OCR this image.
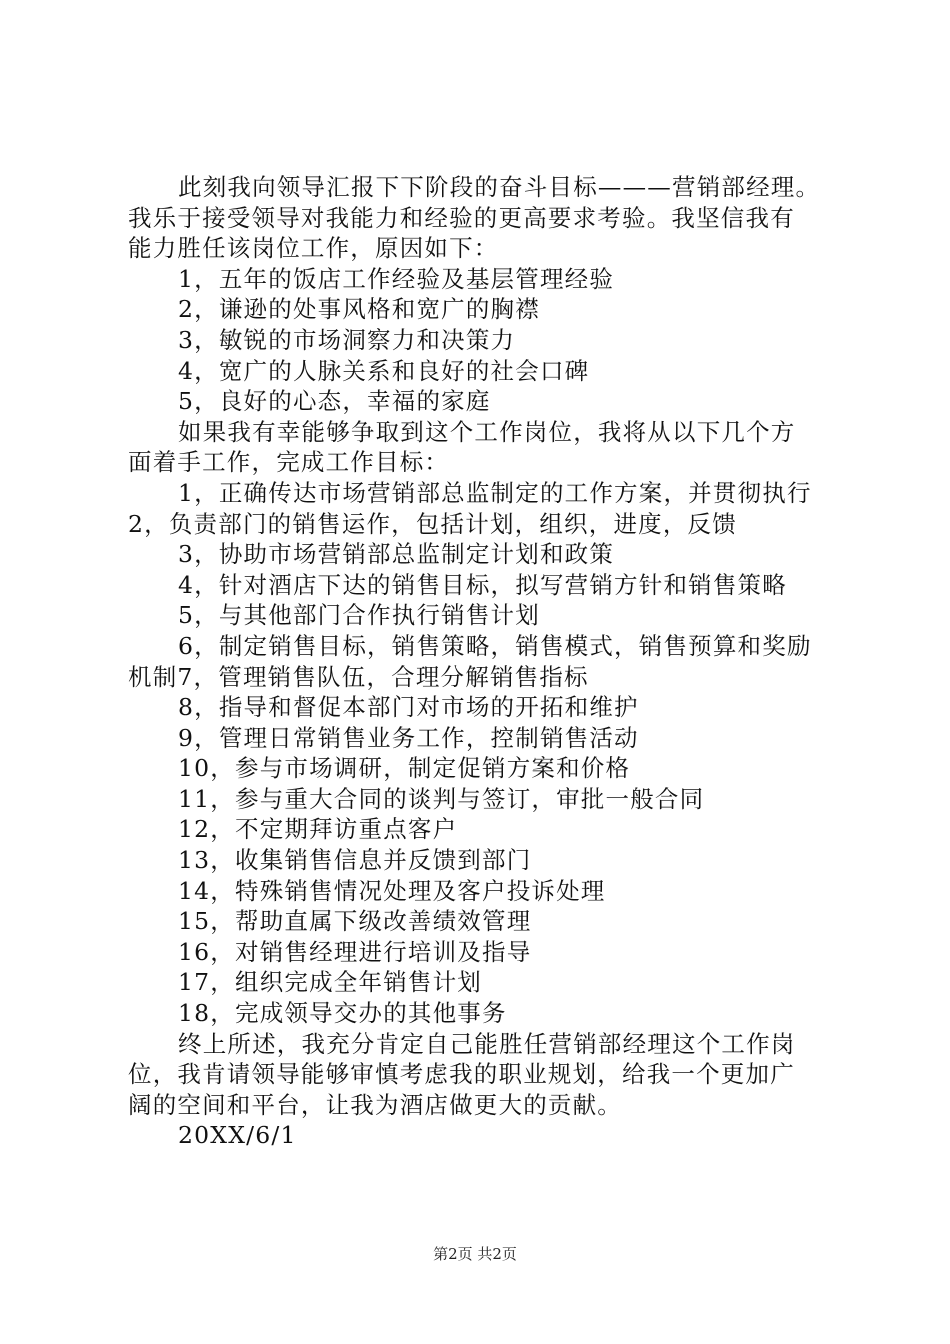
此刻我向领导汇报下下阶段的奋斗目标———营销部经理。
我乐于接受领导对我能力和经验的更高要求考验。我坚信我有
能力胜任该岗位工作，原因如下：
1，五年的饭店工作经验及基层管理经验
2，谦逊的处事风格和宽广的胸襟
3，敏锐的市场洞察力和决策力
4，宽广的人脉关系和良好的社会口碑
5，良好的心态，幸福的家庭
如果我有幸能够争取到这个工作岗位，我将从以下几个方
面着手工作，完成工作目标：
1，正确传达市场营销部总监制定的工作方案，并贯彻执行
2，负责部门的销售运作，包括计划，组织，进度，反馈
3，协助市场营销部总监制定计划和政策
4，针对酒店下达的销售目标，拟写营销方针和销售策略
5，与其他部门合作执行销售计划
6，制定销售目标，销售策略，销售模式，销售预算和奖励
机制7，管理销售队伍，合理分解销售指标
8，指导和督促本部门对市场的开拓和维护
9，管理日常销售业务工作，控制销售活动
10，参与市场调研，制定促销方案和价格
11，参与重大合同的谈判与签订，审批一般合同
12，不定期拜访重点客户
13，收集销售信息并反馈到部门
14，特殊销售情况处理及客户投诉处理
15，帮助直属下级改善绩效管理
16，对销售经理进行培训及指导
17，组织完成全年销售计划
18，完成领导交办的其他事务
终上所述，我充分肯定自己能胜任营销部经理这个工作岗
位，我肯请领导能够审慎考虑我的职业规划，给我一个更加广
阔的空间和平台，让我为酒店做更大的贡献。
20XX/6/1
第2页 共2页
